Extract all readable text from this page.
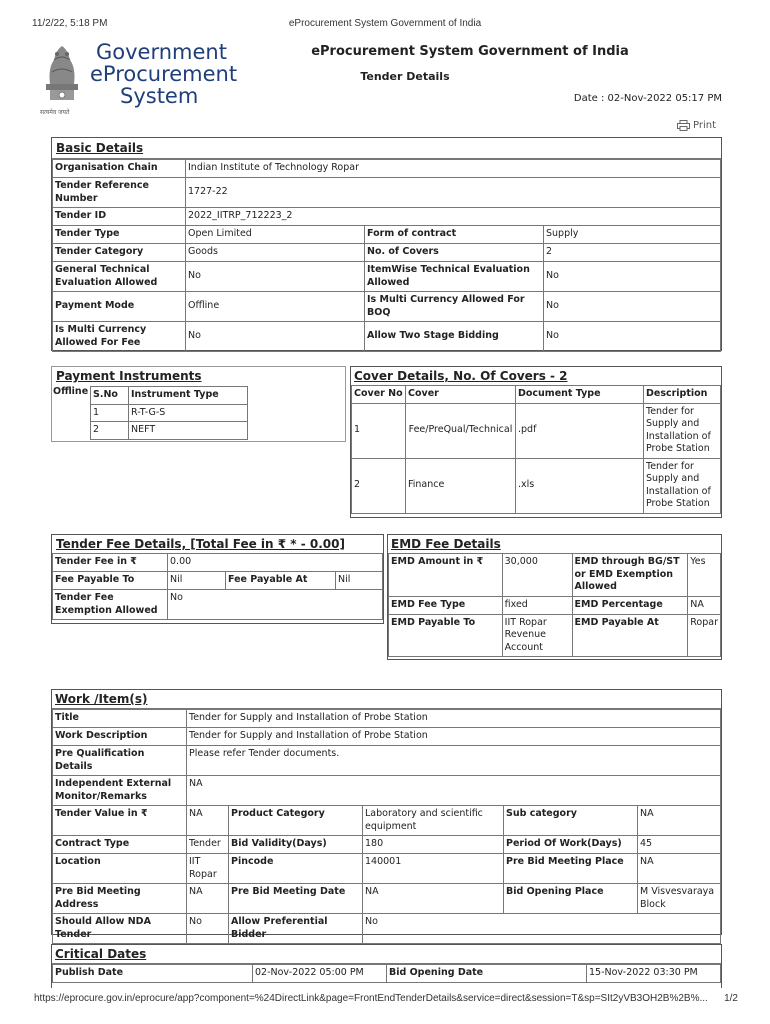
11/2/22, 5:18 PM	eProcurement System Government of India
सत्यमेव जयते
Government
eProcurement
System
eProcurement System Government of India
Tender Details
Date : 02-Nov-2022 05:17 PM
Print
Basic Details
Organisation Chain	Indian Institute of Technology Ropar		
Tender Reference Number	1727-22		
Tender ID	2022_IITRP_712223_2		
Tender Type	Open Limited	Form of contract	Supply
Tender Category	Goods	No. of Covers	2
General Technical Evaluation Allowed	No	ItemWise Technical Evaluation Allowed	No
Payment Mode	Offline	Is Multi Currency Allowed For BOQ	No
Is Multi Currency Allowed For Fee	No	Allow Two Stage Bidding	No
Payment Instruments
Offline S.No	Instrument Type
1	R-T-G-S
2	NEFT
Cover Details, No. Of Covers - 2
Cover No	Cover	Document Type	Description
1	Fee/PreQual/Technical	.pdf	Tender for Supply and Installation of Probe Station
2	Finance	.xls	Tender for Supply and Installation of Probe Station
Tender Fee Details, [Total Fee in ₹ * - 0.00]
Tender Fee in ₹	0.00		
Fee Payable To	Nil	Fee Payable At	Nil
Tender Fee Exemption Allowed	No		
EMD Fee Details
EMD Amount in ₹	30,000	EMD through BG/ST or EMD Exemption Allowed	Yes
EMD Fee Type	fixed	EMD Percentage	NA
EMD Payable To	IIT Ropar Revenue Account	EMD Payable At	Ropar
Work /Item(s)
Title	Tender for Supply and Installation of Probe Station				
Work Description	Tender for Supply and Installation of Probe Station				
Pre Qualification Details	Please refer Tender documents.				
Independent External Monitor/Remarks	NA				
Tender Value in ₹	NA	Product Category	Laboratory and scientific equipment	Sub category	NA
Contract Type	Tender	Bid Validity(Days)	180	Period Of Work(Days)	45
Location	IIT Ropar	Pincode	140001	Pre Bid Meeting Place	NA
Pre Bid Meeting Address	NA	Pre Bid Meeting Date	NA	Bid Opening Place	M Visvesvaraya Block
Should Allow NDA Tender	No	Allow Preferential Bidder	No		
Critical Dates
Publish Date	02-Nov-2022 05:00 PM	Bid Opening Date	15-Nov-2022 03:30 PM
https://eprocure.gov.in/eprocure/app?component=%24DirectLink&page=FrontEndTenderDetails&service=direct&session=T&sp=SIt2yVB3OH2B%2B%... 1/2
